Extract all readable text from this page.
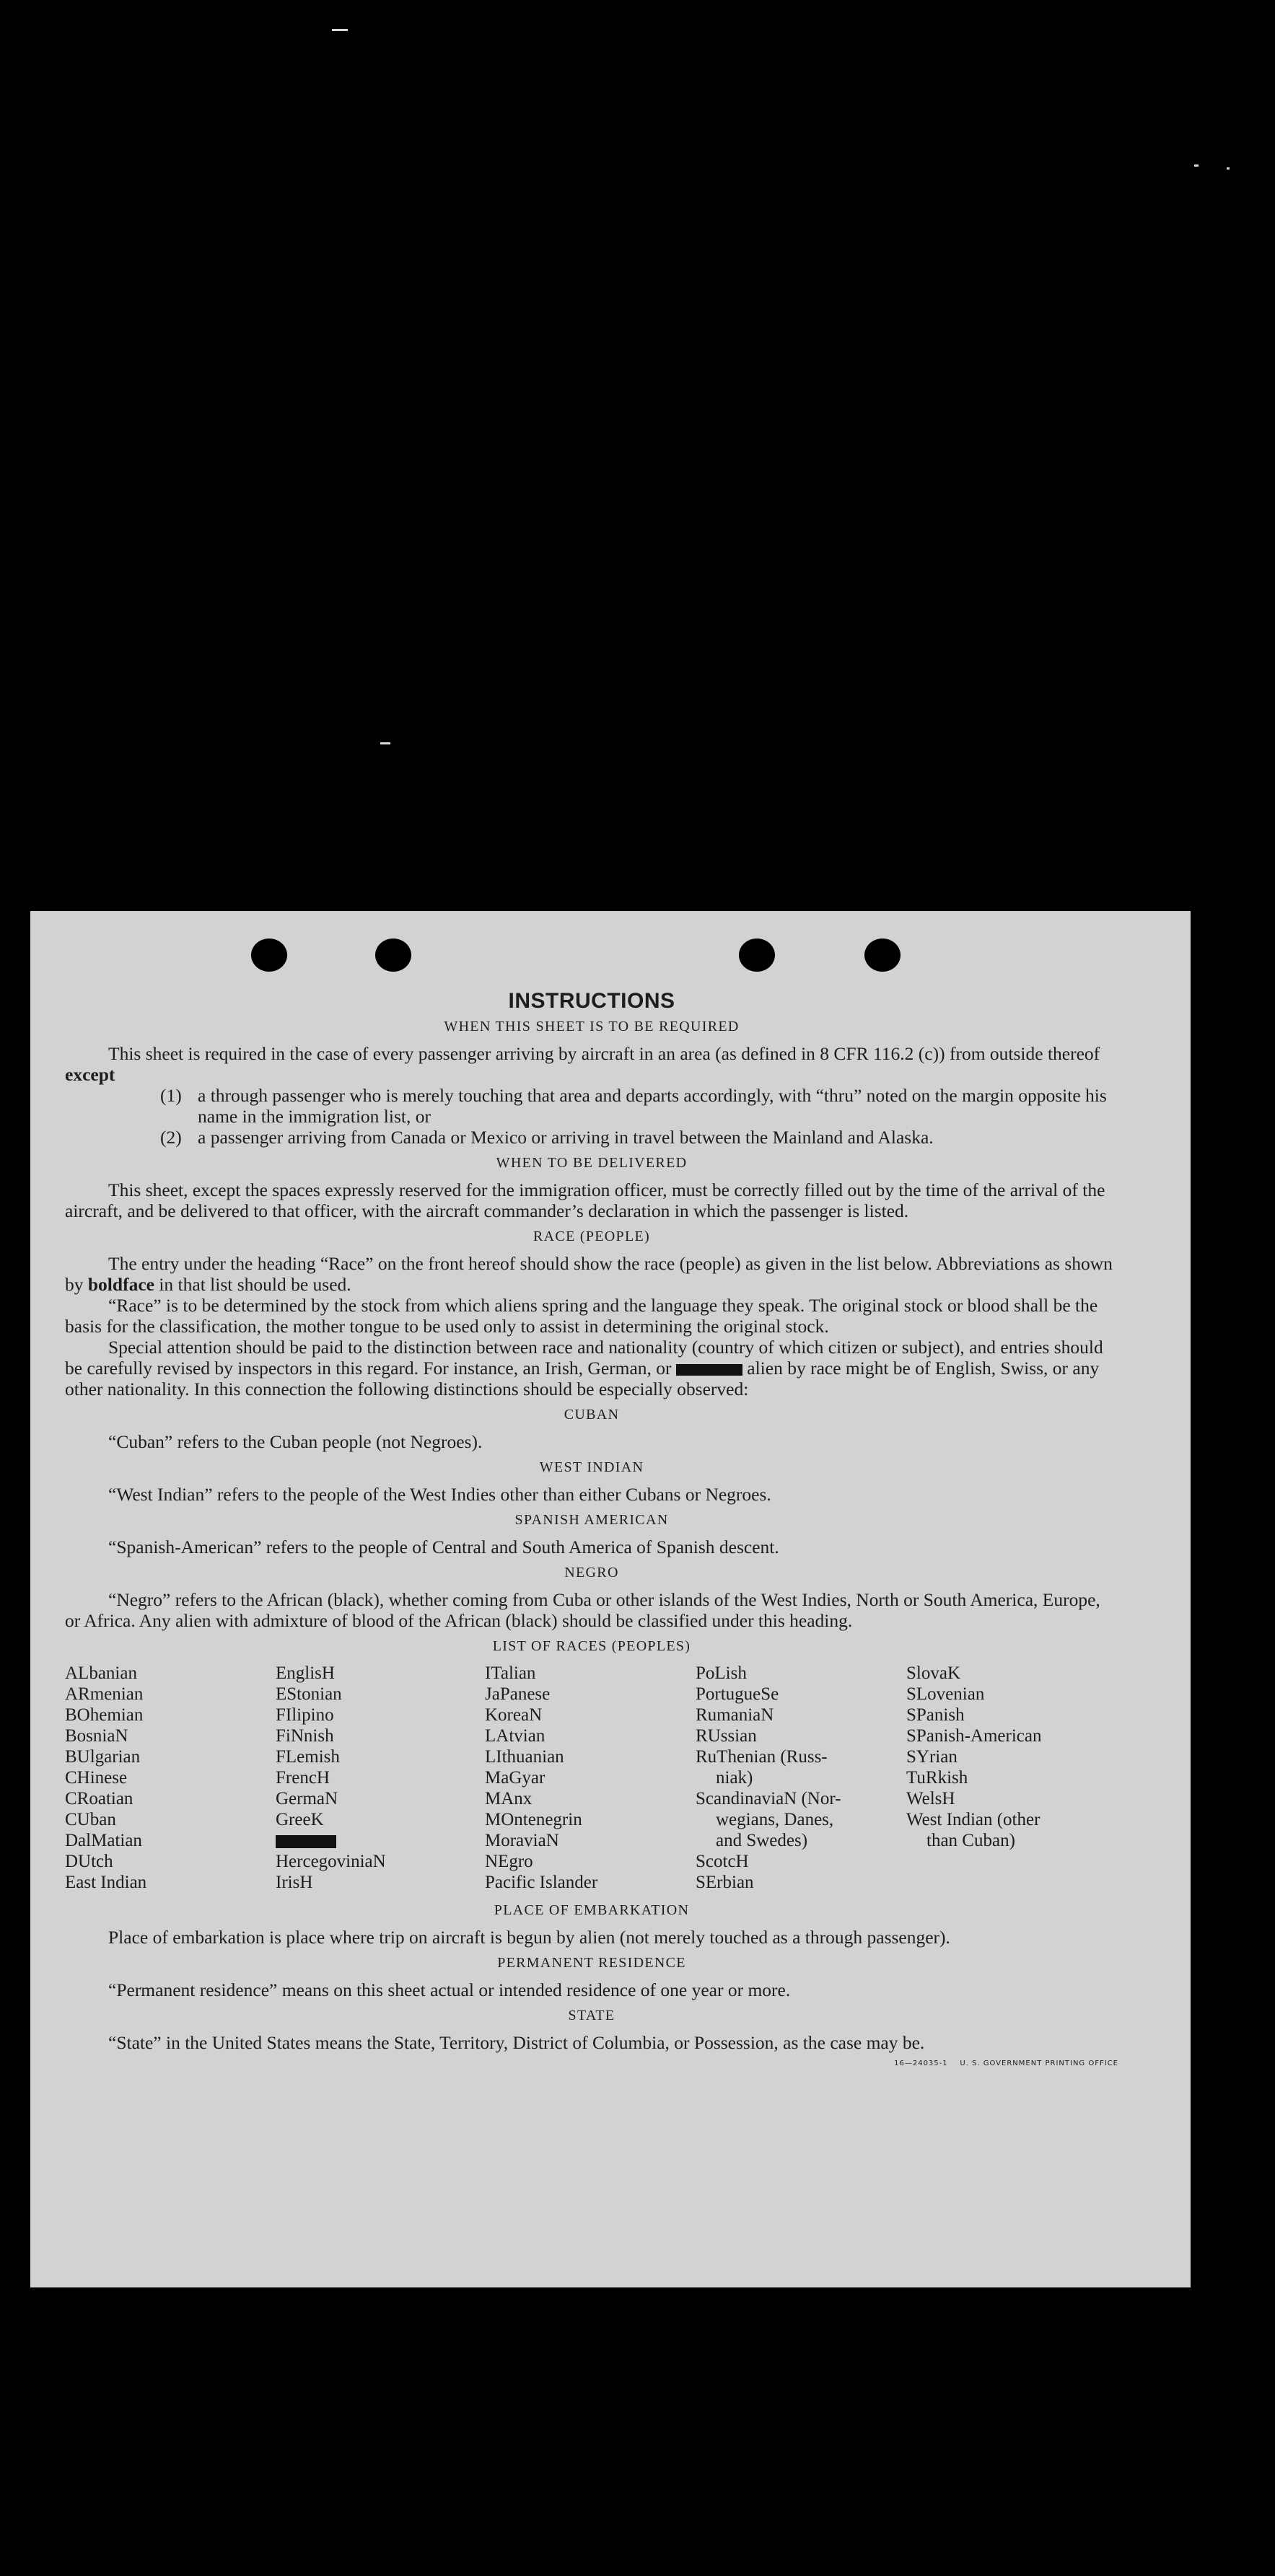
INSTRUCTIONS
WHEN THIS SHEET IS TO BE REQUIRED

This sheet is required in the case of every passenger arriving by aircraft in an area (as defined in 8 CFR 116.2 (c)) from outside thereof except

(1) a through passenger who is merely touching that area and departs accordingly, with “thru” noted on the margin opposite his name in the immigration list, or
(2) a passenger arriving from Canada or Mexico or arriving in travel between the Mainland and Alaska.
WHEN TO BE DELIVERED

This sheet, except the spaces expressly reserved for the immigration officer, must be correctly filled out by the time of the arrival of the aircraft, and be delivered to that officer, with the aircraft commander’s declaration in which the passenger is listed.

RACE (PEOPLE)

The entry under the heading “Race” on the front hereof should show the race (people) as given in the list below. Abbreviations as shown by boldface in that list should be used.

“Race” is to be determined by the stock from which aliens spring and the language they speak. The original stock or blood shall be the basis for the classification, the mother tongue to be used only to assist in determining the original stock.

Special attention should be paid to the distinction between race and nationality (country of which citizen or subject), and entries should be carefully revised by inspectors in this regard. For instance, an Irish, German, or	alien by race might be of English, Swiss, or any other nationality. In this connection the following distinctions should be especially observed:

CUBAN

“Cuban” refers to the Cuban people (not Negroes).

WEST INDIAN

“West Indian” refers to the people of the West Indies other than either Cubans or Negroes.

SPANISH AMERICAN

“Spanish-American” refers to the people of Central and South America of Spanish descent.

NEGRO

“Negro” refers to the African (black), whether coming from Cuba or other islands of the West Indies, North or South America, Europe, or Africa. Any alien with admixture of blood of the African (black) should be classified under this heading.

LIST OF RACES (PEOPLES)
ALbanian
ARmenian
BOhemian
BosniaN
BUlgarian
CHinese
CRoatian
CUban
DalMatian
DUtch
East Indian
EnglisH
EStonian
FIlipino
FiNnish
FLemish
FrencH
GermaN
GreeK
HercegoviniaN
IrisH
ITalian
JaPanese
KoreaN
LAtvian
LIthuanian
MaGyar
MAnx
MOntenegrin
MoraviaN
NEgro
Pacific Islander
PoLish
PortugueSe
RumaniaN
RUssian
RuThenian (Russ-
niak)
ScandinaviaN (Nor-
wegians, Danes,
and Swedes)
ScotcH
SErbian
SlovaK
SLovenian
SPanish
SPanish-American
SYrian
TuRkish
WelsH
West Indian (other
than Cuban)
PLACE OF EMBARKATION

Place of embarkation is place where trip on aircraft is begun by alien (not merely touched as a through passenger).

PERMANENT RESIDENCE

“Permanent residence” means on this sheet actual or intended residence of one year or more.

STATE

“State” in the United States means the State, Territory, District of Columbia, or Possession, as the case may be.

16—24035-1 U. S. GOVERNMENT PRINTING OFFICE
